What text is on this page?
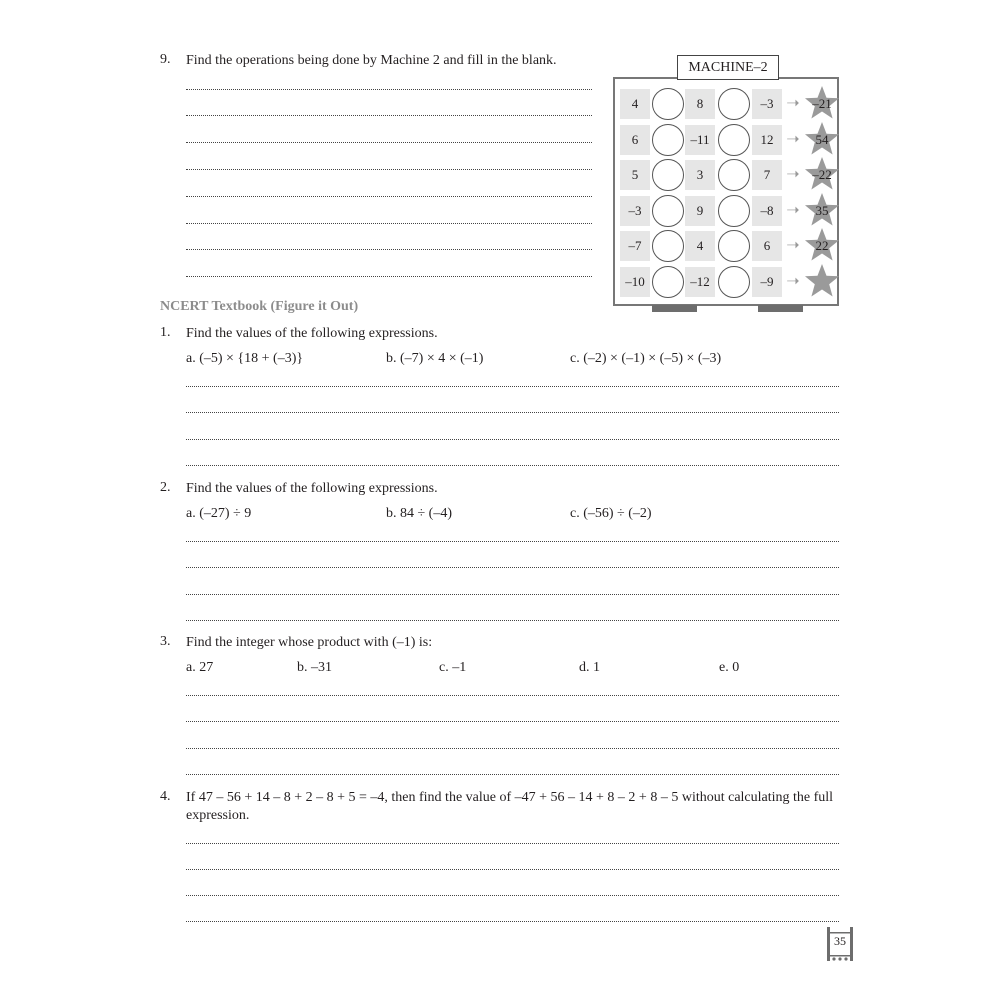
9. Find the operations being done by Machine 2 and fill in the blank.	MACHINE–2
4	8	–3 ➝ –21
6	–11	12 ➝	54
5	3	7	➝ –22
–3	9	–8 ➝	35
–7	4	6	➝	22
–10	–12	–9 ➝
NCERT Textbook (Figure it Out)
1. Find the values of the following expressions.
a. (–5) × {18 + (–3)}	b. (–7) × 4 × (–1)	c. (–2) × (–1) × (–5) × (–3)
2. Find the values of the following expressions.
a. (–27) ÷ 9	b. 84 ÷ (–4)	c. (–56) ÷ (–2)
3. Find the integer whose product with (–1) is:
a. 27	b. –31	c. –1	d. 1	e. 0
4. If 47 – 56 + 14 – 8 + 2 – 8 + 5 = –4, then find the value of –47 + 56 – 14 + 8 – 2 + 8 – 5 without calculating the full expression.
35
